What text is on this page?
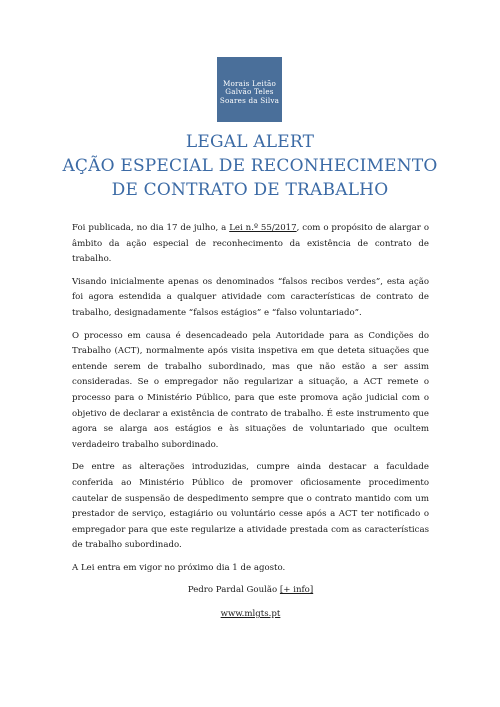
Morais Leitão
Galvão Teles
Soares da Silva
LEGAL ALERT
AÇÃO ESPECIAL DE RECONHECIMENTO
DE CONTRATO DE TRABALHO

Foi publicada, no dia 17 de julho, a Lei n.º 55/2017, com o propósito de alargar o âmbito da ação especial de reconhecimento da existência de contrato de trabalho.

Visando inicialmente apenas os denominados “falsos recibos verdes”, esta ação foi agora estendida a qualquer atividade com características de contrato de trabalho, designadamente “falsos estágios” e “falso voluntariado”.

O processo em causa é desencadeado pela Autoridade para as Condições do Trabalho (ACT), normalmente após visita inspetiva em que deteta situações que entende serem de trabalho subordinado, mas que não estão a ser assim consideradas. Se o empregador não regularizar a situação, a ACT remete o processo para o Ministério Público, para que este promova ação judicial com o objetivo de declarar a existência de contrato de trabalho. É este instrumento que agora se alarga aos estágios e às situações de voluntariado que ocultem verdadeiro trabalho subordinado.

De entre as alterações introduzidas, cumpre ainda destacar a faculdade conferida ao Ministério Público de promover oficiosamente procedimento cautelar de suspensão de despedimento sempre que o contrato mantido com um prestador de serviço, estagiário ou voluntário cesse após a ACT ter notificado o empregador para que este regularize a atividade prestada com as características de trabalho subordinado.

A Lei entra em vigor no próximo dia 1 de agosto.

Pedro Pardal Goulão [+ info]
www.mlgts.pt
